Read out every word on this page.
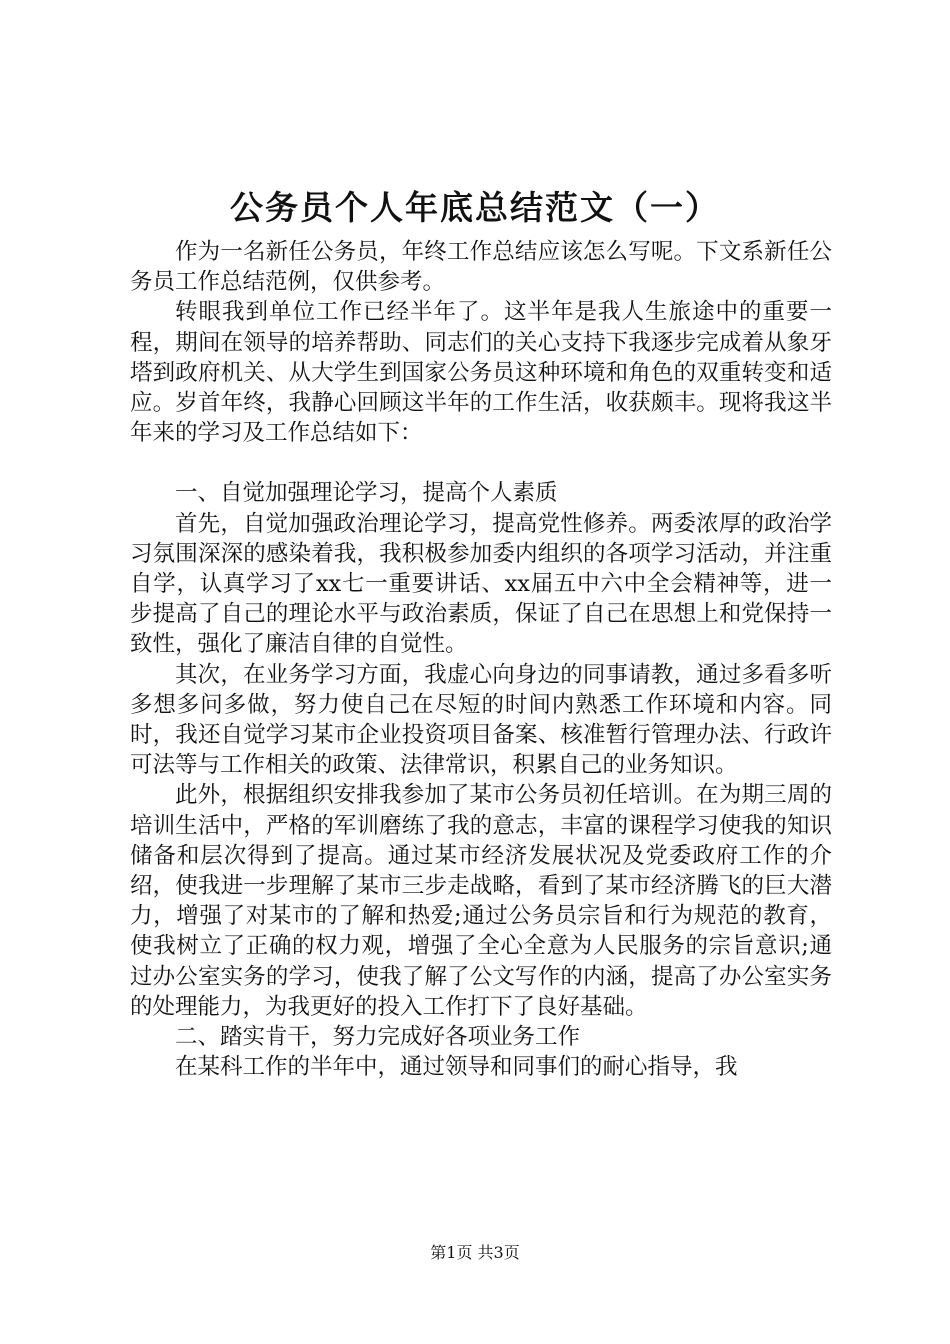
公务员个人年底总结范文（一）

作为一名新任公务员，年终工作总结应该怎么写呢。下文系新任公务员工作总结范例，仅供参考。

转眼我到单位工作已经半年了。这半年是我人生旅途中的重要一程，期间在领导的培养帮助、同志们的关心支持下我逐步完成着从象牙塔到政府机关、从大学生到国家公务员这种环境和角色的双重转变和适应。岁首年终，我静心回顾这半年的工作生活，收获颇丰。现将我这半年来的学习及工作总结如下：

一、自觉加强理论学习，提高个人素质

首先，自觉加强政治理论学习，提高党性修养。两委浓厚的政治学习氛围深深的感染着我，我积极参加委内组织的各项学习活动，并注重自学，认真学习了xx七一重要讲话、xx届五中六中全会精神等，进一步提高了自己的理论水平与政治素质，保证了自己在思想上和党保持一致性，强化了廉洁自律的自觉性。

其次，在业务学习方面，我虚心向身边的同事请教，通过多看多听多想多问多做，努力使自己在尽短的时间内熟悉工作环境和内容。同时，我还自觉学习某市企业投资项目备案、核准暂行管理办法、行政许可法等与工作相关的政策、法律常识，积累自己的业务知识。

此外，根据组织安排我参加了某市公务员初任培训。在为期三周的培训生活中，严格的军训磨练了我的意志，丰富的课程学习使我的知识储备和层次得到了提高。通过某市经济发展状况及党委政府工作的介绍，使我进一步理解了某市三步走战略，看到了某市经济腾飞的巨大潜力，增强了对某市的了解和热爱;通过公务员宗旨和行为规范的教育，使我树立了正确的权力观，增强了全心全意为人民服务的宗旨意识;通过办公室实务的学习，使我了解了公文写作的内涵，提高了办公室实务的处理能力，为我更好的投入工作打下了良好基础。

二、踏实肯干，努力完成好各项业务工作

在某科工作的半年中，通过领导和同事们的耐心指导，我

第1页 共3页
